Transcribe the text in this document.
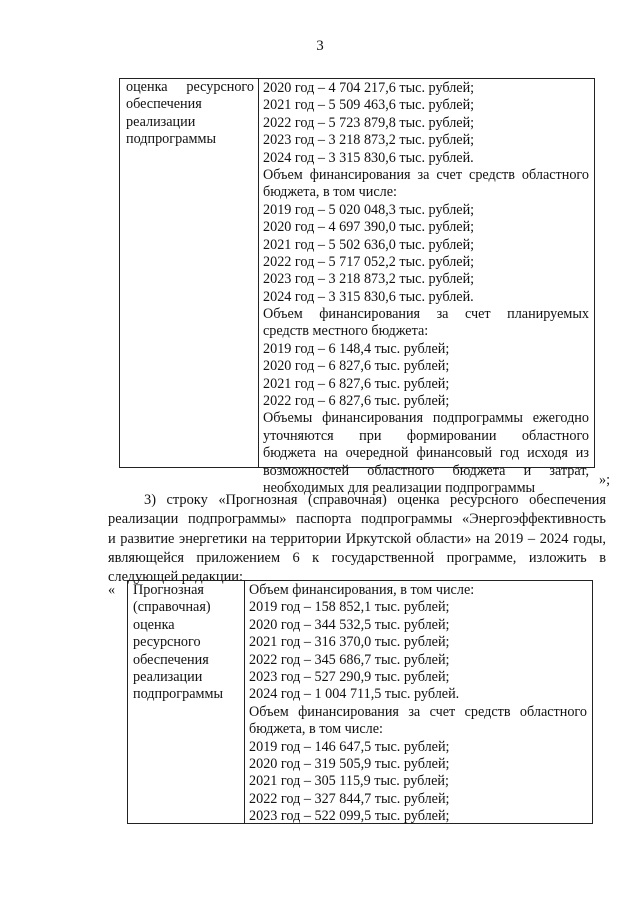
3
оценка ресурсного
обеспечения
реализации
подпрограммы
2020 год – 4 704 217,6 тыс. рублей;
2021 год – 5 509 463,6 тыс. рублей;
2022 год – 5 723 879,8 тыс. рублей;
2023 год – 3 218 873,2 тыс. рублей;
2024 год – 3 315 830,6 тыс. рублей.
Объем финансирования за счет средств областного
бюджета, в том числе:
2019 год – 5 020 048,3 тыс. рублей;
2020 год – 4 697 390,0 тыс. рублей;
2021 год – 5 502 636,0 тыс. рублей;
2022 год – 5 717 052,2 тыс. рублей;
2023 год – 3 218 873,2 тыс. рублей;
2024 год – 3 315 830,6 тыс. рублей.
Объем финансирования за счет планируемых
средств местного бюджета:
2019 год – 6 148,4 тыс. рублей;
2020 год – 6 827,6 тыс. рублей;
2021 год – 6 827,6 тыс. рублей;
2022 год – 6 827,6 тыс. рублей;
Объемы финансирования подпрограммы ежегодно
уточняются при формировании областного
бюджета на очередной финансовый год исходя из
возможностей областного бюджета и затрат,
необходимых для реализации подпрограммы	»;
3) строку «Прогнозная (справочная) оценка ресурсного обеспечения
реализации подпрограммы» паспорта подпрограммы «Энергоэффективность
и развитие энергетики на территории Иркутской области» на 2019 – 2024 годы,
являющейся приложением 6 к государственной программе, изложить в
следующей редакции:
« Прогнозная
(справочная)
оценка
ресурсного
обеспечения
реализации
подпрограммы
Объем финансирования, в том числе:
2019 год – 158 852,1 тыс. рублей;
2020 год – 344 532,5 тыс. рублей;
2021 год – 316 370,0 тыс. рублей;
2022 год – 345 686,7 тыс. рублей;
2023 год – 527 290,9 тыс. рублей;
2024 год – 1 004 711,5 тыс. рублей.
Объем финансирования за счет средств областного
бюджета, в том числе:
2019 год – 146 647,5 тыс. рублей;
2020 год – 319 505,9 тыс. рублей;
2021 год – 305 115,9 тыс. рублей;
2022 год – 327 844,7 тыс. рублей;
2023 год – 522 099,5 тыс. рублей;
